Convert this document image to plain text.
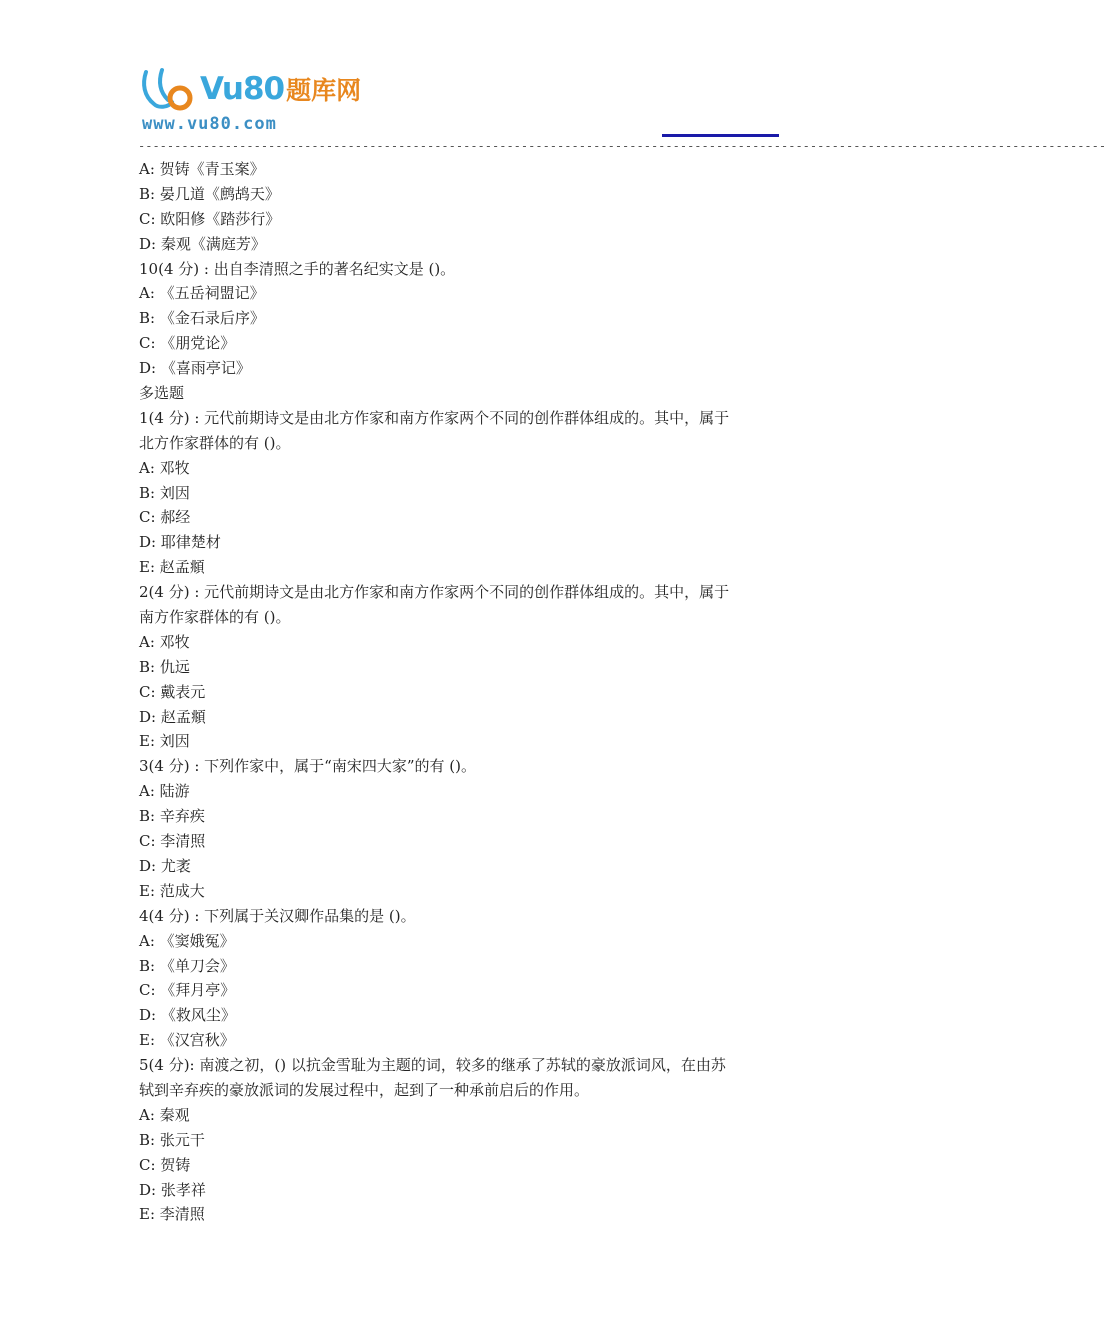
Vu80题库网
www.vu80.com
--------------------------------------------------------------------------------------------------------------------------------------
A: 贺铸《青玉案》
B: 晏几道《鹧鸪天》
C: 欧阳修《踏莎行》
D: 秦观《满庭芳》
10(4 分) : 出自李清照之手的著名纪实文是 ()。
A: 《五岳祠盟记》
B: 《金石录后序》
C: 《朋党论》
D: 《喜雨亭记》
多选题
1(4 分) : 元代前期诗文是由北方作家和南方作家两个不同的创作群体组成的。其中，属于
北方作家群体的有 ()。
A: 邓牧
B: 刘因
C: 郝经
D: 耶律楚材
E: 赵孟頫
2(4 分) : 元代前期诗文是由北方作家和南方作家两个不同的创作群体组成的。其中，属于
南方作家群体的有 ()。
A: 邓牧
B: 仇远
C: 戴表元
D: 赵孟頫
E: 刘因
3(4 分) : 下列作家中，属于“南宋四大家”的有 ()。
A: 陆游
B: 辛弃疾
C: 李清照
D: 尤袤
E: 范成大
4(4 分) : 下列属于关汉卿作品集的是 ()。
A: 《窦娥冤》
B: 《单刀会》
C: 《拜月亭》
D: 《救风尘》
E: 《汉宫秋》
5(4 分): 南渡之初，() 以抗金雪耻为主题的词，较多的继承了苏轼的豪放派词风，在由苏
轼到辛弃疾的豪放派词的发展过程中，起到了一种承前启后的作用。
A: 秦观
B: 张元干
C: 贺铸
D: 张孝祥
E: 李清照
